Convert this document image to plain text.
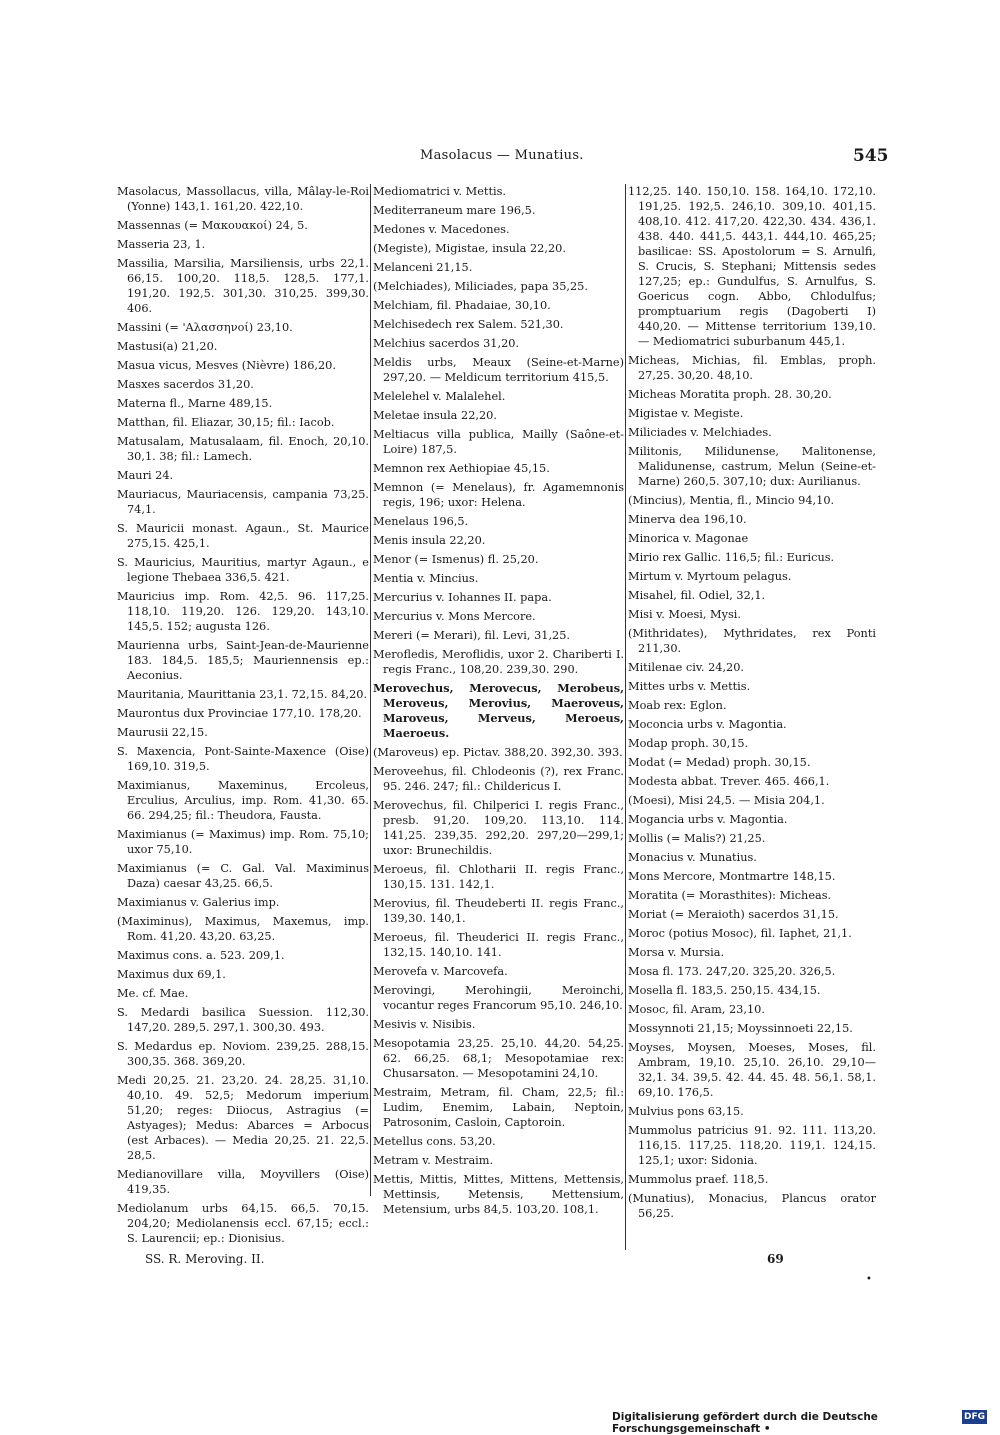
Masolacus — Munatius.	545
Masolacus, Massollacus, villa, Mâlay-le-Roi (Yonne) 143,1. 161,20. 422,10.
Massennas (= Μακουακοί) 24, 5.
Masseria 23, 1.
Massilia, Marsilia, Marsiliensis, urbs 22,1. 66,15. 100,20. 118,5. 128,5. 177,1. 191,20. 192,5. 301,30. 310,25. 399,30. 406.
Massini (= 'Αλασσηνοί) 23,10.
Mastusi(a) 21,20.
Masua vicus, Mesves (Nièvre) 186,20.
Masxes sacerdos 31,20.
Materna fl., Marne 489,15.
Matthan, fil. Eliazar, 30,15; fil.: Iacob.
Matusalam, Matusalaam, fil. Enoch, 20,10. 30,1. 38; fil.: Lamech.
Mauri 24.
Mauriacus, Mauriacensis, campania 73,25. 74,1.
S. Mauricii monast. Agaun., St. Maurice 275,15. 425,1.
S. Mauricius, Mauritius, martyr Agaun., e legione Thebaea 336,5. 421.
Mauricius imp. Rom. 42,5. 96. 117,25. 118,10. 119,20. 126. 129,20. 143,10. 145,5. 152; augusta 126.
Maurienna urbs, Saint-Jean-de-Maurienne 183. 184,5. 185,5; Mauriennensis ep.: Aeconius.
Mauritania, Maurittania 23,1. 72,15. 84,20.
Maurontus dux Provinciae 177,10. 178,20.
Maurusii 22,15.
S. Maxencia, Pont-Sainte-Maxence (Oise) 169,10. 319,5.
Maximianus, Maxeminus, Ercoleus, Erculius, Arculius, imp. Rom. 41,30. 65. 66. 294,25; fil.: Theudora, Fausta.
Maximianus (= Maximus) imp. Rom. 75,10; uxor 75,10.
Maximianus (= C. Gal. Val. Maximinus Daza) caesar 43,25. 66,5.
Maximianus v. Galerius imp.
(Maximinus), Maximus, Maxemus, imp. Rom. 41,20. 43,20. 63,25.
Maximus cons. a. 523. 209,1.
Maximus dux 69,1.
Me. cf. Mae.
S. Medardi basilica Suession. 112,30. 147,20. 289,5. 297,1. 300,30. 493.
S. Medardus ep. Noviom. 239,25. 288,15. 300,35. 368. 369,20.
Medi 20,25. 21. 23,20. 24. 28,25. 31,10. 40,10. 49. 52,5; Medorum imperium 51,20; reges: Diiocus, Astragius (= Astyages); Medus: Abarces = Arbocus (est Arbaces). — Media 20,25. 21. 22,5. 28,5.
Medianovillare villa, Moyvillers (Oise) 419,35.
Mediolanum urbs 64,15. 66,5. 70,15. 204,20; Mediolanensis eccl. 67,15; eccl.: S. Laurencii; ep.: Dionisius.
Mediomatrici v. Mettis.
Mediterraneum mare 196,5.
Medones v. Macedones.
(Megiste), Migistae, insula 22,20.
Melanceni 21,15.
(Melchiades), Miliciades, papa 35,25.
Melchiam, fil. Phadaiae, 30,10.
Melchisedech rex Salem. 521,30.
Melchius sacerdos 31,20.
Meldis urbs, Meaux (Seine-et-Marne) 297,20. — Meldicum territorium 415,5.
Melelehel v. Malalehel.
Meletae insula 22,20.
Meltiacus villa publica, Mailly (Saône-et-Loire) 187,5.
Memnon rex Aethiopiae 45,15.
Memnon (= Menelaus), fr. Agamemnonis regis, 196; uxor: Helena.
Menelaus 196,5.
Menis insula 22,20.
Menor (= Ismenus) fl. 25,20.
Mentia v. Mincius.
Mercurius v. Iohannes II. papa.
Mercurius v. Mons Mercore.
Mereri (= Merari), fil. Levi, 31,25.
Merofledis, Meroflidis, uxor 2. Chariberti I. regis Franc., 108,20. 239,30. 290.
Merovechus, Merovecus, Merobeus, Meroveus, Merovius, Maeroveus, Maroveus, Merveus, Meroeus, Maeroeus.
(Maroveus) ep. Pictav. 388,20. 392,30. 393.
Meroveehus, fil. Chlodeonis (?), rex Franc. 95. 246. 247; fil.: Childericus I.
Merovechus, fil. Chilperici I. regis Franc., presb. 91,20. 109,20. 113,10. 114. 141,25. 239,35. 292,20. 297,20—299,1; uxor: Brunechildis.
Meroeus, fil. Chlotharii II. regis Franc., 130,15. 131. 142,1.
Merovius, fil. Theudeberti II. regis Franc., 139,30. 140,1.
Meroeus, fil. Theuderici II. regis Franc., 132,15. 140,10. 141.
Merovefa v. Marcovefa.
Merovingi, Merohingii, Meroinchi, vocantur reges Francorum 95,10. 246,10.
Mesivis v. Nisibis.
Mesopotamia 23,25. 25,10. 44,20. 54,25. 62. 66,25. 68,1; Mesopotamiae rex: Chusarsaton. — Mesopotamini 24,10.
Mestraim, Metram, fil. Cham, 22,5; fil.: Ludim, Enemim, Labain, Neptoin, Patrosonim, Casloin, Captoroin.
Metellus cons. 53,20.
Metram v. Mestraim.
Mettis, Mittis, Mittes, Mittens, Mettensis, Mettinsis, Metensis, Mettensium, Metensium, urbs 84,5. 103,20. 108,1.
112,25. 140. 150,10. 158. 164,10. 172,10. 191,25. 192,5. 246,10. 309,10. 401,15. 408,10. 412. 417,20. 422,30. 434. 436,1. 438. 440. 441,5. 443,1. 444,10. 465,25; basilicae: SS. Apostolorum = S. Arnulfi, S. Crucis, S. Stephani; Mittensis sedes 127,25; ep.: Gundulfus, S. Arnulfus, S. Goericus cogn. Abbo, Chlodulfus; promptuarium regis (Dagoberti I) 440,20. — Mittense territorium 139,10. — Mediomatrici suburbanum 445,1.
Micheas, Michias, fil. Emblas, proph. 27,25. 30,20. 48,10.
Micheas Moratita proph. 28. 30,20.
Migistae v. Megiste.
Miliciades v. Melchiades.
Militonis, Milidunense, Malitonense, Malidunense, castrum, Melun (Seine-et-Marne) 260,5. 307,10; dux: Aurilianus.
(Mincius), Mentia, fl., Mincio 94,10.
Minerva dea 196,10.
Minorica v. Magonae
Mirio rex Gallic. 116,5; fil.: Euricus.
Mirtum v. Myrtoum pelagus.
Misahel, fil. Odiel, 32,1.
Misi v. Moesi, Mysi.
(Mithridates), Mythridates, rex Ponti 211,30.
Mitilenae civ. 24,20.
Mittes urbs v. Mettis.
Moab rex: Eglon.
Moconcia urbs v. Magontia.
Modap proph. 30,15.
Modat (= Medad) proph. 30,15.
Modesta abbat. Trever. 465. 466,1.
(Moesi), Misi 24,5. — Misia 204,1.
Mogancia urbs v. Magontia.
Mollis (= Malis?) 21,25.
Monacius v. Munatius.
Mons Mercore, Montmartre 148,15.
Moratita (= Morasthites): Micheas.
Moriat (= Meraioth) sacerdos 31,15.
Moroc (potius Mosoc), fil. Iaphet, 21,1.
Morsa v. Mursia.
Mosa fl. 173. 247,20. 325,20. 326,5.
Mosella fl. 183,5. 250,15. 434,15.
Mosoc, fil. Aram, 23,10.
Mossynnoti 21,15; Moyssinnoeti 22,15.
Moyses, Moysen, Moeses, Moses, fil. Ambram, 19,10. 25,10. 26,10. 29,10—32,1. 34. 39,5. 42. 44. 45. 48. 56,1. 58,1. 69,10. 176,5.
Mulvius pons 63,15.
Mummolus patricius 91. 92. 111. 113,20. 116,15. 117,25. 118,20. 119,1. 124,15. 125,1; uxor: Sidonia.
Mummolus praef. 118,5.
(Munatius), Monacius, Plancus orator 56,25.
SS. R. Meroving. II.	69
•
Digitalisierung gefördert durch die Deutsche Forschungsgemeinschaft •
DFG
